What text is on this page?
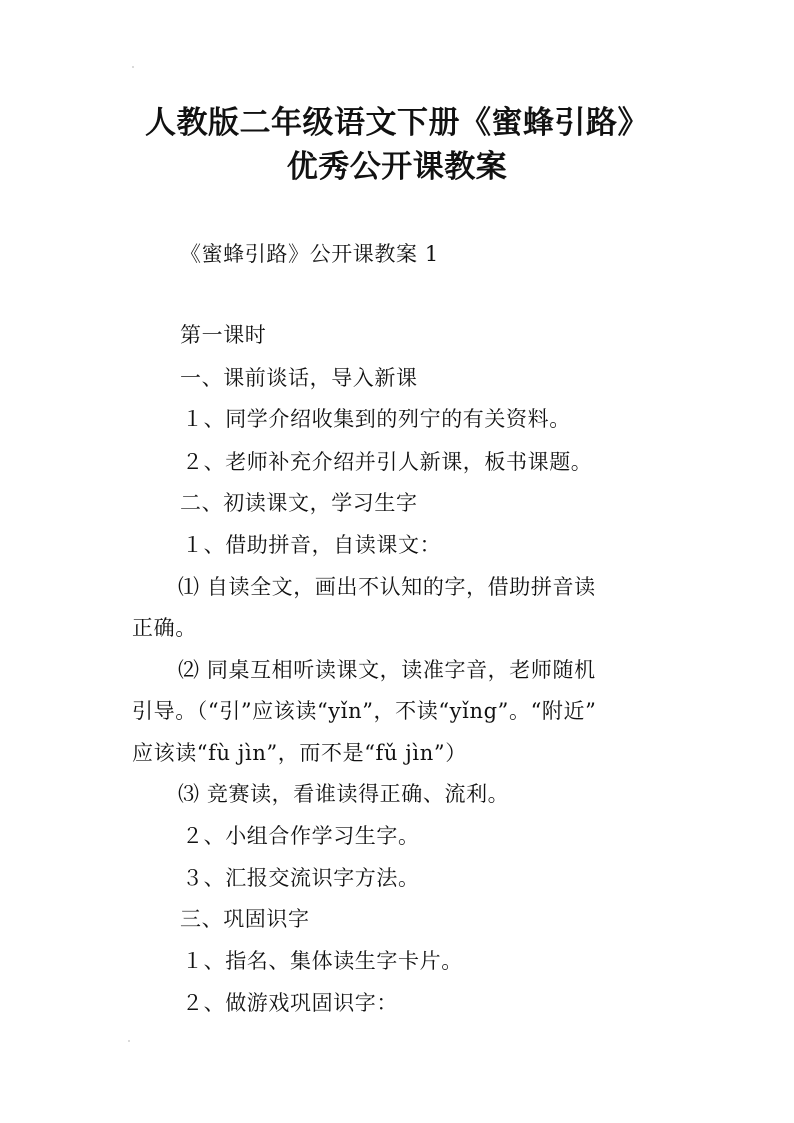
人教版二年级语文下册《蜜蜂引路》
优秀公开课教案
《蜜蜂引路》公开课教案 1
第一课时
一、课前谈话，导入新课
１、同学介绍收集到的列宁的有关资料。
２、老师补充介绍并引人新课，板书课题。
二、初读课文，学习生字
１、借助拼音，自读课文：
⑴ 自读全文，画出不认知的字，借助拼音读
正确。
⑵ 同桌互相听读课文，读准字音，老师随机
引导。（“引”应该读“yǐn”，不读“yǐng”。“附近”
应该读“fù jìn”，而不是“fǔ jìn”）
⑶ 竞赛读，看谁读得正确、流利。
２、小组合作学习生字。
３、汇报交流识字方法。
三、巩固识字
１、指名、集体读生字卡片。
２、做游戏巩固识字：
